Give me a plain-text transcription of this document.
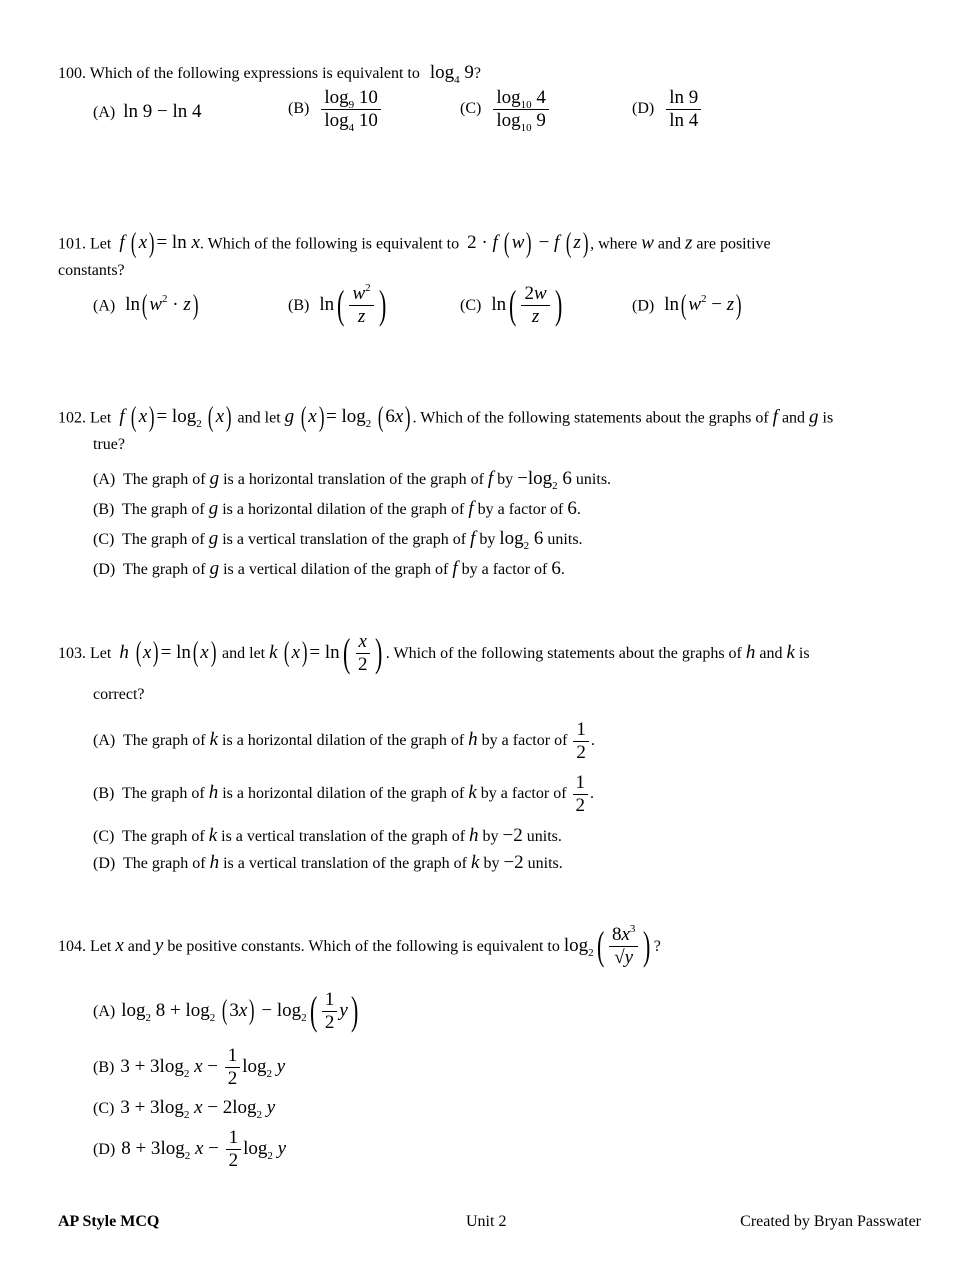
100. Which of the following expressions is equivalent to $\log_4 9$?
(A) ln 9 − ln 4	$(B) \frac{\log_9 10}{\log_4 10}$	$(C) \frac{\log_{10} 4}{\log_{10} 9}$	$(D) \frac{\ln 9}{\ln 4}$
101. Let f (x)= ln x. Which of the following is equivalent to 2 · f (w) − f (z) , where w and z are positive
constants?
(A) $\ln(w^2 \cdot z)$	(B) $\ln( \frac{w^2}{z}$ )	(C) $\ln( \frac{2w}{z}$ )	(D) $\ln(w^2 - z)$
102. Let f $(x)= \log_2 (x)$ and let g $(x)= \log_2 (6x)$ . Which of the following statements about the graphs of f and g is
true?
(A) The graph of g is a horizontal translation of the graph of f by $-\log_2$ 6 units.
(B) The graph of g is a horizontal dilation of the graph of f by a factor of 6.
(C) The graph of g is a vertical translation of the graph of f by $\log_2 6$ units.
(D) The graph of g is a vertical dilation of the graph of f by a factor of 6.
103. Let h (x)= ln(x) and let k $(x)= \ln( \frac{x}{2}$ ) . Which of the following statements about the graphs of h and k is
correct?
(A) The graph of k is a horizontal dilation of the graph of h by a factor of $\frac{1}{2}$ .
(B) The graph of h is a horizontal dilation of the graph of k by a factor of $\frac{1}{2}$ .
(C) The graph of k is a vertical translation of the graph of h by −2 units.
(D) The graph of h is a vertical translation of the graph of k by −2 units.
104. Let x and y be positive constants. Which of the following is equivalent to $\log_2( \frac{8x^3}{√y}$ ) ?
(A) $\log_2 8 + \log_2 (3x) - \log_2( \frac{1}{2} y)$
(B) $3 + 3\log_2$ $x - \frac{1}{2} \log_2 y$
(C) $3 + 3\log_2$ $x - 2\log_2$ y
(D) $8 + 3\log_2$ $x - \frac{1}{2} \log_2 y$
AP Style MCQ	Unit 2	Created by Bryan Passwater
